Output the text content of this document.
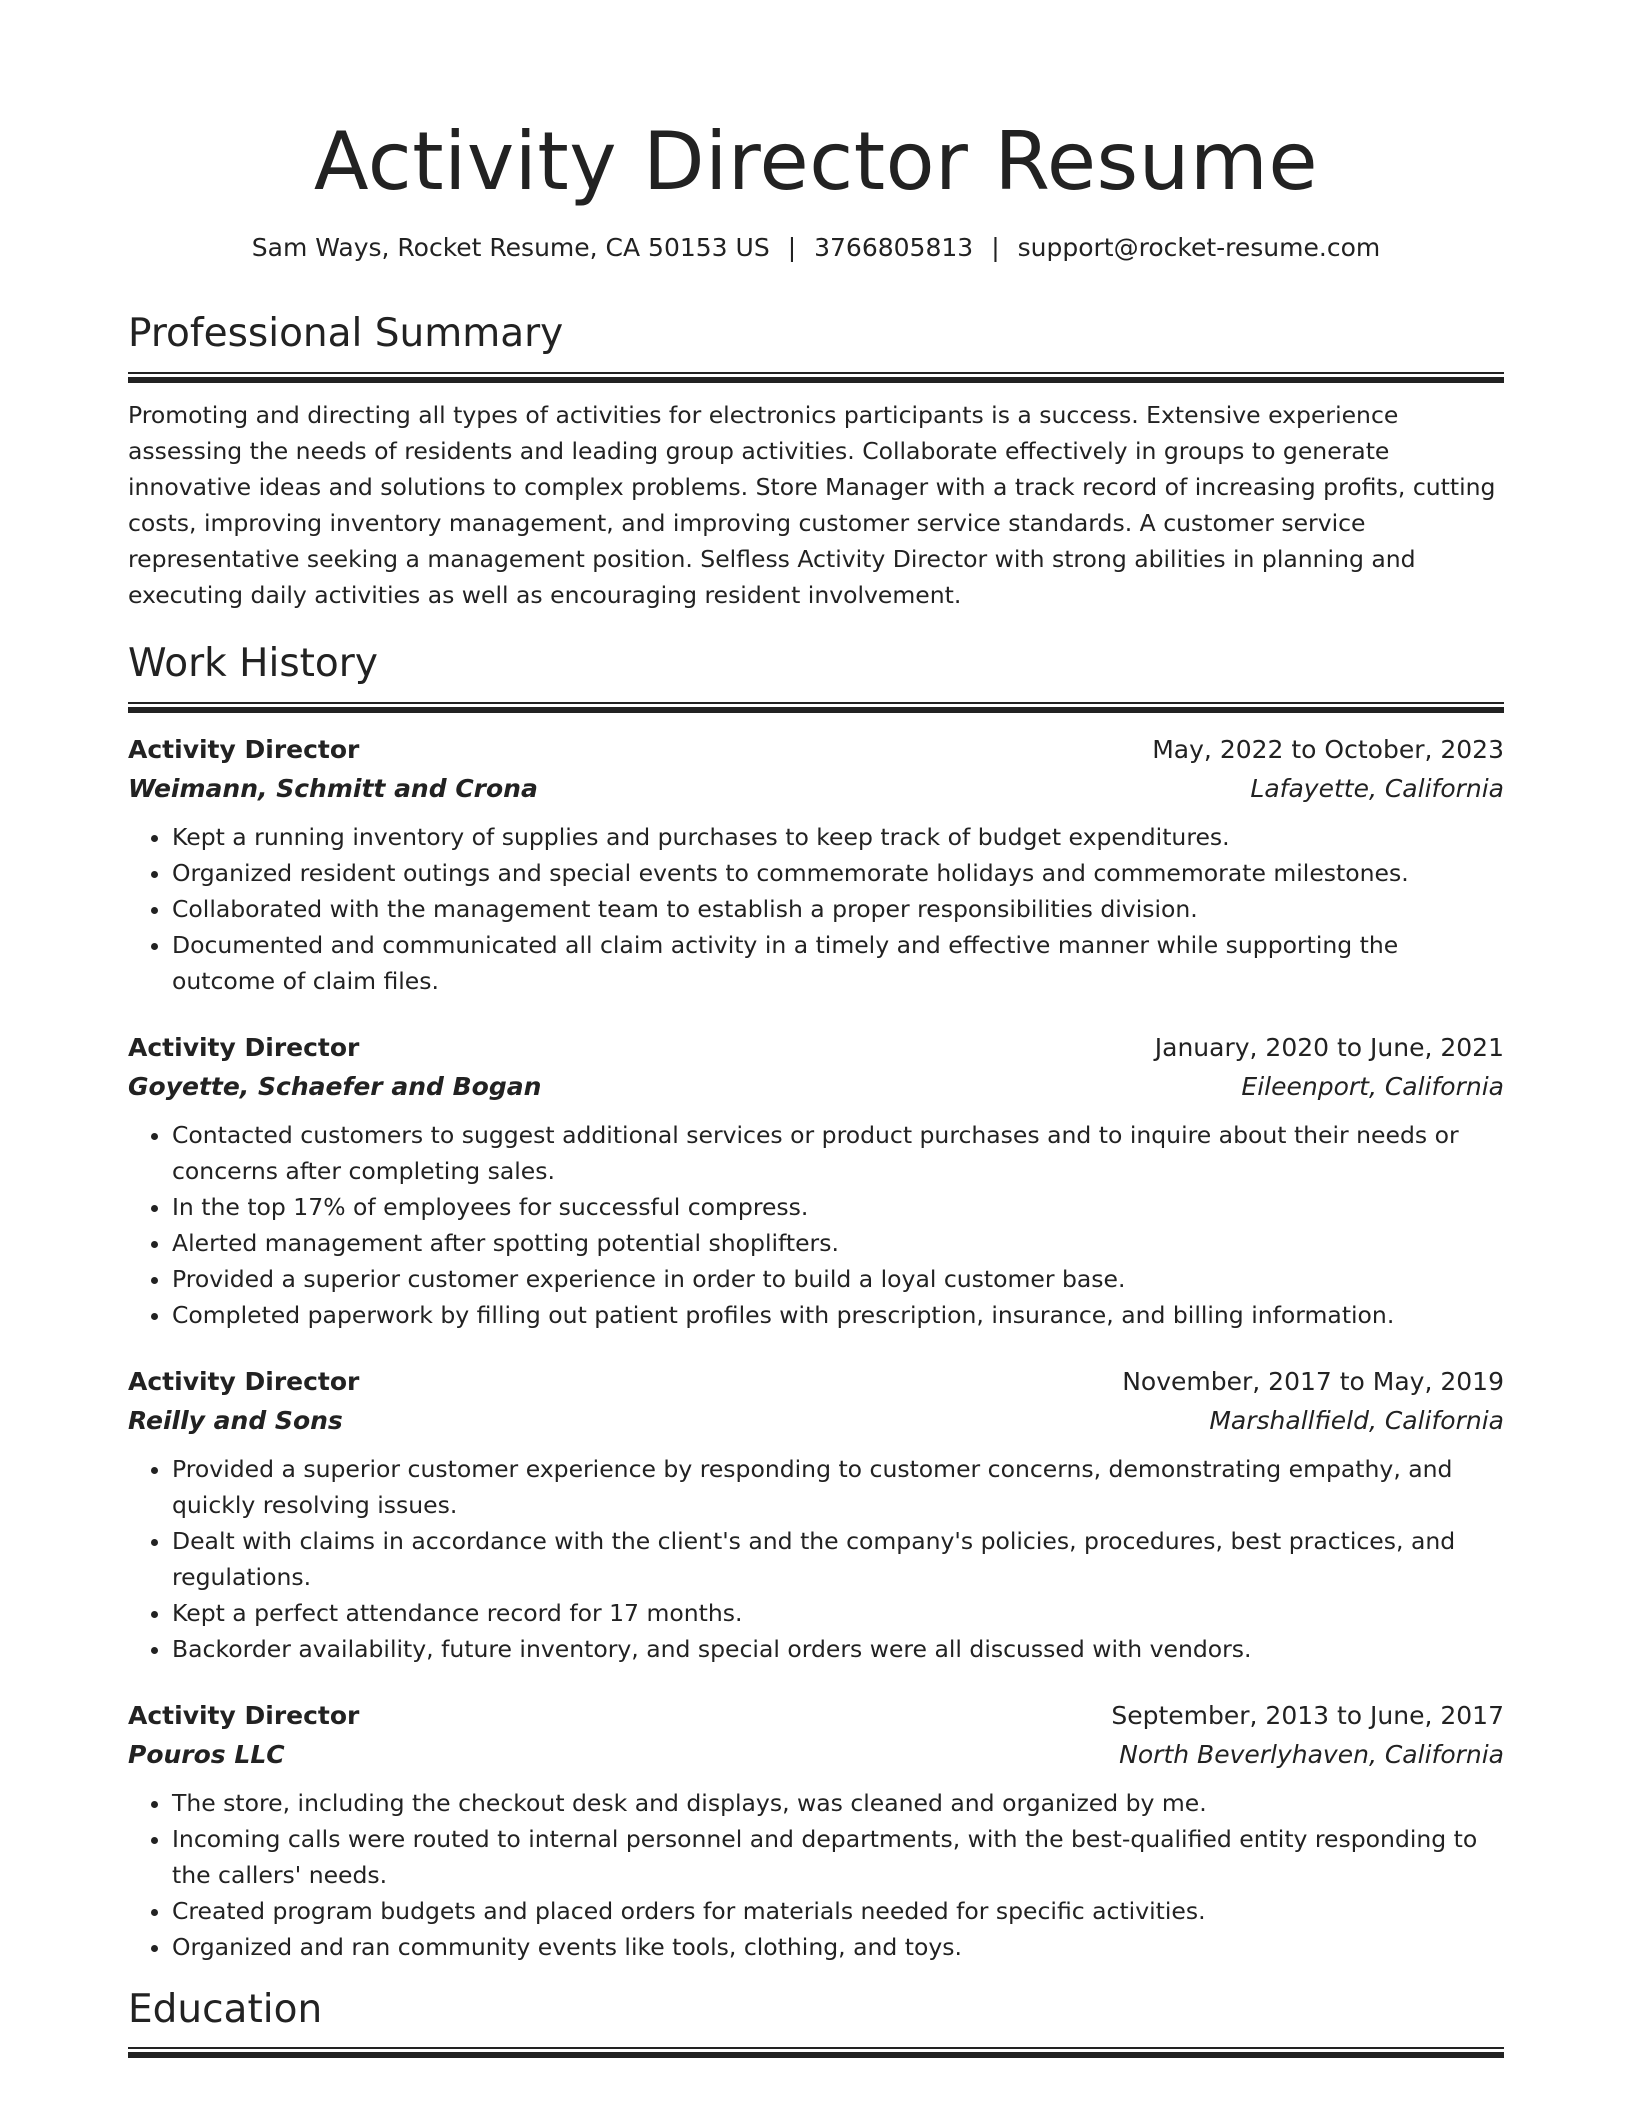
Activity Director Resume
Sam Ways, Rocket Resume, CA 50153 US | 3766805813 | support@rocket-resume.com
Professional Summary

Promoting and directing all types of activities for electronics participants is a success. Extensive experience assessing the needs of residents and leading group activities. Collaborate effectively in groups to generate innovative ideas and solutions to complex problems. Store Manager with a track record of increasing profits, cutting costs, improving inventory management, and improving customer service standards. A customer service representative seeking a management position. Selfless Activity Director with strong abilities in planning and executing daily activities as well as encouraging resident involvement.

Work History
Activity Director	May, 2022 to October, 2023
Weimann, Schmitt and Crona	Lafayette, California
• Kept a running inventory of supplies and purchases to keep track of budget expenditures.
• Organized resident outings and special events to commemorate holidays and commemorate milestones.
• Collaborated with the management team to establish a proper responsibilities division.
• Documented and communicated all claim activity in a timely and effective manner while supporting the outcome of claim files.
Activity Director	January, 2020 to June, 2021
Goyette, Schaefer and Bogan	Eileenport, California
• Contacted customers to suggest additional services or product purchases and to inquire about their needs or concerns after completing sales.
• In the top 17% of employees for successful compress.
• Alerted management after spotting potential shoplifters.
• Provided a superior customer experience in order to build a loyal customer base.
• Completed paperwork by filling out patient profiles with prescription, insurance, and billing information.
Activity Director	November, 2017 to May, 2019
Reilly and Sons	Marshallfield, California
• Provided a superior customer experience by responding to customer concerns, demonstrating empathy, and quickly resolving issues.
• Dealt with claims in accordance with the client's and the company's policies, procedures, best practices, and regulations.
• Kept a perfect attendance record for 17 months.
• Backorder availability, future inventory, and special orders were all discussed with vendors.
Activity Director	September, 2013 to June, 2017
Pouros LLC	North Beverlyhaven, California
• The store, including the checkout desk and displays, was cleaned and organized by me.
• Incoming calls were routed to internal personnel and departments, with the best-qualified entity responding to the callers' needs.
• Created program budgets and placed orders for materials needed for specific activities.
• Organized and ran community events like tools, clothing, and toys.
Education
